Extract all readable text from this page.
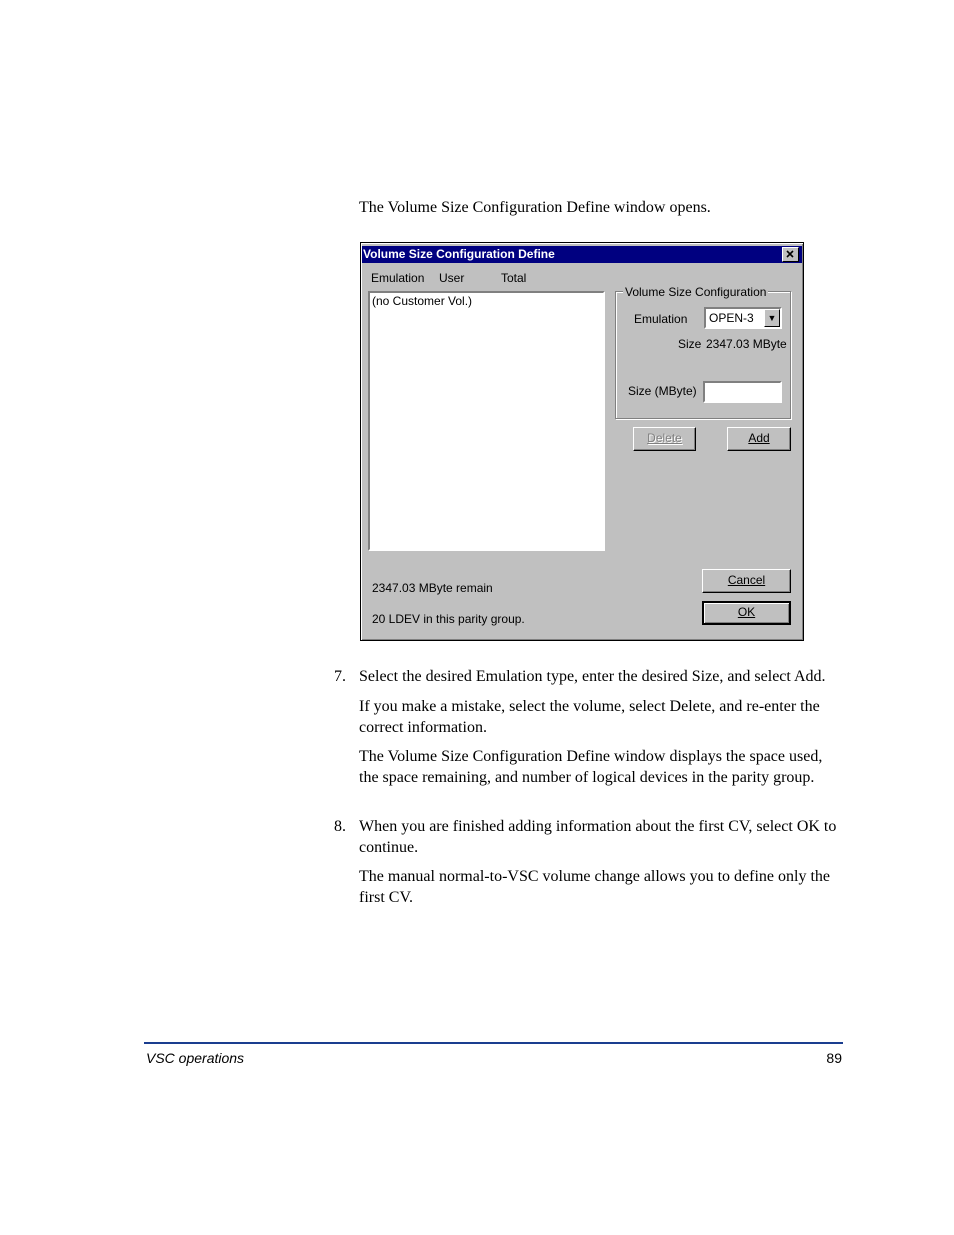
The Volume Size Configuration Define window opens.
Volume Size Configuration Define
Emulation User	Total
(no Customer Vol.)
Volume Size Configuration
Emulation OPEN-3	▼
Size 2347.03 MByte
Size (MByte)
Delete	Add
Cancel
OK
2347.03 MByte remain
20 LDEV in this parity group.
7. Select the desired Emulation type, enter the desired Size, and select Add.
If you make a mistake, select the volume, select Delete, and re-enter the correct information.
The Volume Size Configuration Define window displays the space used, the space remaining, and number of logical devices in the parity group.
8. When you are finished adding information about the first CV, select OK to continue.
The manual normal-to-VSC volume change allows you to define only the first CV.
VSC operations	89
